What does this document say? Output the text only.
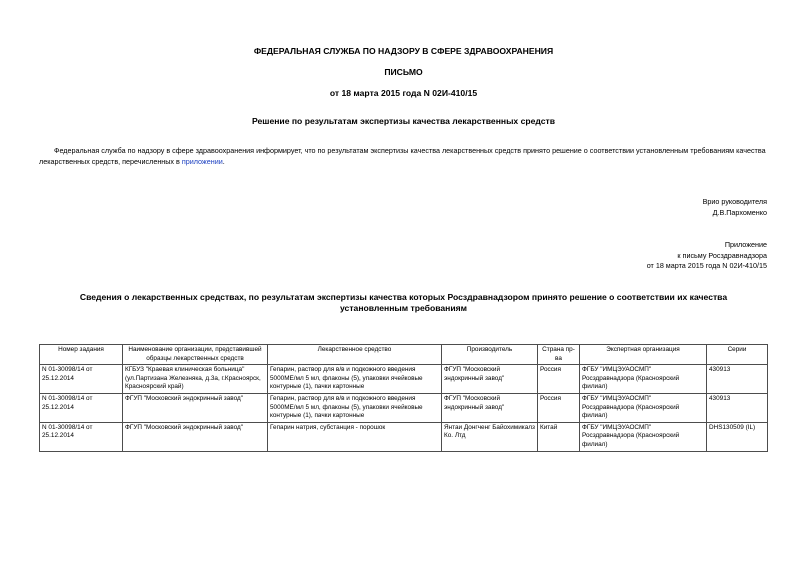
ФЕДЕРАЛЬНАЯ СЛУЖБА ПО НАДЗОРУ В СФЕРЕ ЗДРАВООХРАНЕНИЯ
ПИСЬМО
от 18 марта 2015 года N 02И-410/15
Решение по результатам экспертизы качества лекарственных средств

Федеральная служба по надзору в сфере здравоохранения информирует, что по результатам экспертизы качества лекарственных средств принято решение о соответствии установленным требованиям качества лекарственных средств, перечисленных в приложении.

Врио руководителя
Д.В.Пархоменко
Приложение
к письму Росздравнадзора
от 18 марта 2015 года N 02И-410/15
Сведения о лекарственных средствах, по результатам экспертизы качества которых Росздравнадзором принято решение о соответствии их качества установленным требованиям
Номер задания	Наименование организации, представившей образцы лекарственных средств	Лекарственное средство	Производитель	Страна пр-ва	Экспертная организация	Серии
N 01-30098/14 от 25.12.2014	КГБУЗ "Краевая клиническая больница" (ул.Партизана Железняка, д.3а, г.Красноярск, Красноярский край)	Гепарин, раствор для в/в и подкожного введения 5000МЕ/мл 5 мл, флаконы (5), упаковки ячейковые контурные (1), пачки картонные	ФГУП "Московский эндокринный завод"	Россия	ФГБУ "ИМЦЭУАОСМП" Росздравнадзора (Красноярский филиал)	430913
N 01-30098/14 от 25.12.2014	ФГУП "Московский эндокринный завод"	Гепарин, раствор для в/в и подкожного введения 5000МЕ/мл 5 мл, флаконы (5), упаковки ячейковые контурные (1), пачки картонные	ФГУП "Московский эндокринный завод"	Россия	ФГБУ "ИМЦЭУАОСМП" Росздравнадзора (Красноярский филиал)	430913
N 01-30098/14 от 25.12.2014	ФГУП "Московский эндокринный завод"	Гепарин натрия, субстанция - порошок	Янтаи Донгченг Байохимикалз Ко. Лтд	Китай	ФГБУ "ИМЦЭУАОСМП" Росздравнадзора (Красноярский филиал)	DHS130509 (IL)
